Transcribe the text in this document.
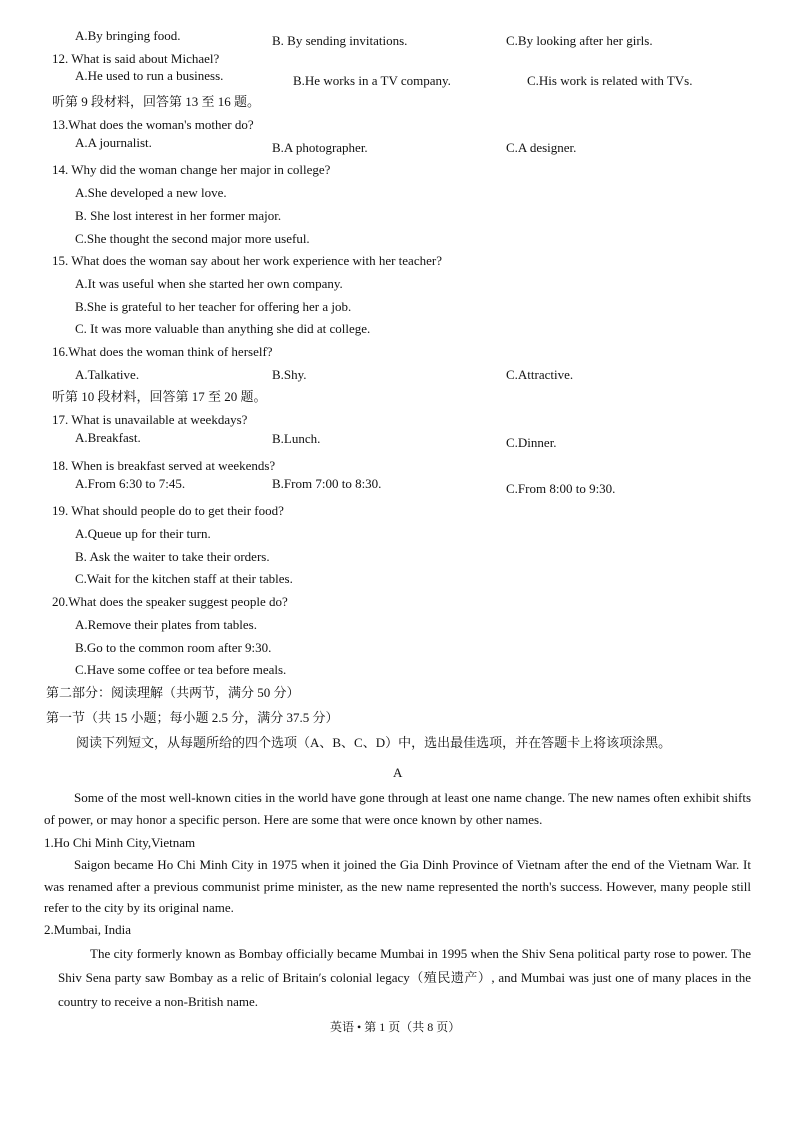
A.By bringing food.	B. By sending invitations.	C.By looking after her girls.
12. What is said about Michael?
A.He used to run a business.	B.He works in a TV company.	C.His work is related with TVs.
听第 9 段材料，回答第 13 至 16 题。
13.What does the woman's mother do?
A.A journalist.	B.A photographer.	C.A designer.
14. Why did the woman change her major in college?
A.She developed a new love.
B. She lost interest in her former major.
C.She thought the second major more useful.
15. What does the woman say about her work experience with her teacher?
A.It was useful when she started her own company.
B.She is grateful to her teacher for offering her a job.
C. It was more valuable than anything she did at college.
16.What does the woman think of herself?
A.Talkative.	B.Shy.	C.Attractive.
听第 10 段材料，回答第 17 至 20 题。
17. What is unavailable at weekdays?
A.Breakfast.	B.Lunch.	C.Dinner.
18. When is breakfast served at weekends?
A.From 6:30 to 7:45.	B.From 7:00 to 8:30.	C.From 8:00 to 9:30.
19. What should people do to get their food?
A.Queue up for their turn.
B. Ask the waiter to take their orders.
C.Wait for the kitchen staff at their tables.
20.What does the speaker suggest people do?
A.Remove their plates from tables.
B.Go to the common room after 9:30.
C.Have some coffee or tea before meals.
第二部分：阅读理解（共两节，满分 50 分）
第一节（共 15 小题；每小题 2.5 分，满分 37.5 分）
阅读下列短文，从每题所给的四个选项（A、B、C、D）中，选出最佳选项，并在答题卡上将该项涂黑。
A
Some of the most well-known cities in the world have gone through at least one name change. The new names often exhibit shifts of power, or may honor a specific person. Here are some that were once known by other names.
1.Ho Chi Minh City,Vietnam
Saigon became Ho Chi Minh City in 1975 when it joined the Gia Dinh Province of Vietnam after the end of the Vietnam War. It was renamed after a previous communist prime minister, as the new name represented the north's success. However, many people still refer to the city by its original name.
2.Mumbai, India
The city formerly known as Bombay officially became Mumbai in 1995 when the Shiv Sena political party rose to power. The Shiv Sena party saw Bombay as a relic of Britain′s colonial legacy（殖民遗产）, and Mumbai was just one of many places in the country to receive a non-British name.
英语 • 第 1 页（共 8 页）
